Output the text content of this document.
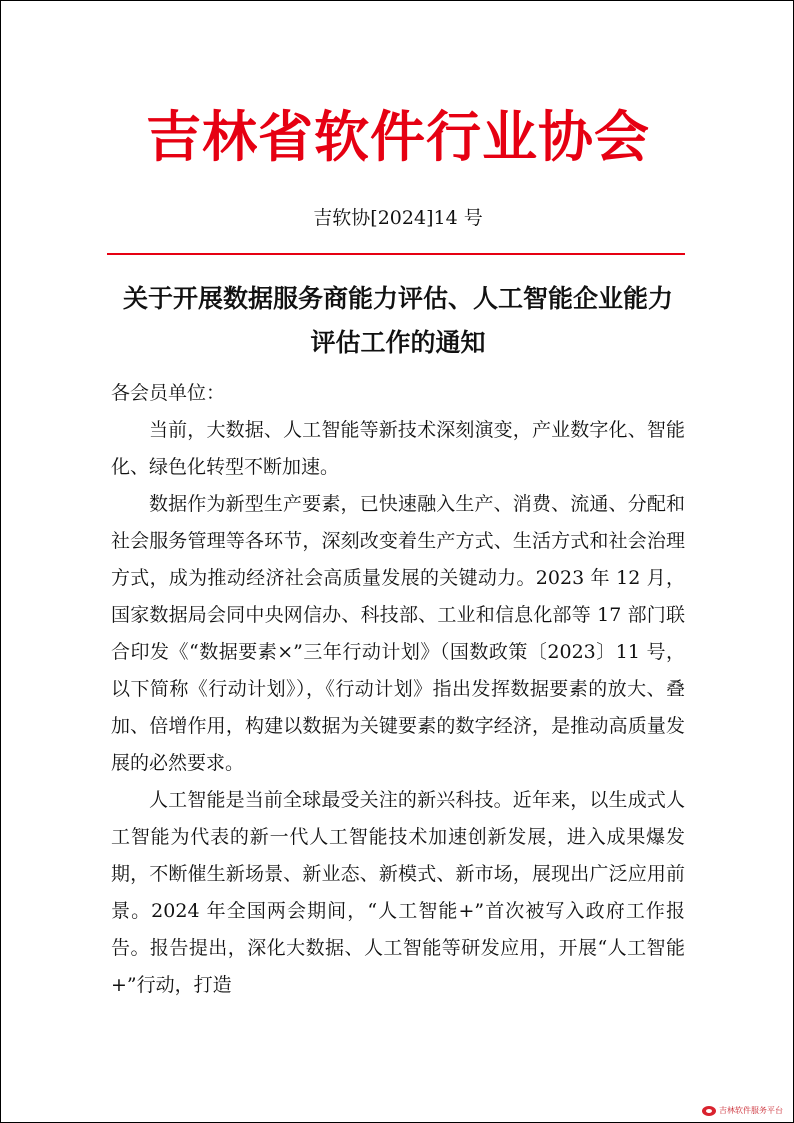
吉林省软件行业协会
吉软协[2024]14 号
关于开展数据服务商能力评估、人工智能企业能力评估工作的通知

各会员单位：

当前，大数据、人工智能等新技术深刻演变，产业数字化、智能化、绿色化转型不断加速。

数据作为新型生产要素，已快速融入生产、消费、流通、分配和社会服务管理等各环节，深刻改变着生产方式、生活方式和社会治理方式，成为推动经济社会高质量发展的关键动力。2023 年 12 月，国家数据局会同中央网信办、科技部、工业和信息化部等 17 部门联合印发《“数据要素×”三年行动计划》（国数政策〔2023〕11 号，以下简称《行动计划》），《行动计划》指出发挥数据要素的放大、叠加、倍增作用，构建以数据为关键要素的数字经济，是推动高质量发展的必然要求。

人工智能是当前全球最受关注的新兴科技。近年来，以生成式人工智能为代表的新一代人工智能技术加速创新发展，进入成果爆发期，不断催生新场景、新业态、新模式、新市场，展现出广泛应用前景。2024 年全国两会期间，“人工智能+”首次被写入政府工作报告。报告提出，深化大数据、人工智能等研发应用，开展“人工智能+”行动，打造

吉林软件服务平台
